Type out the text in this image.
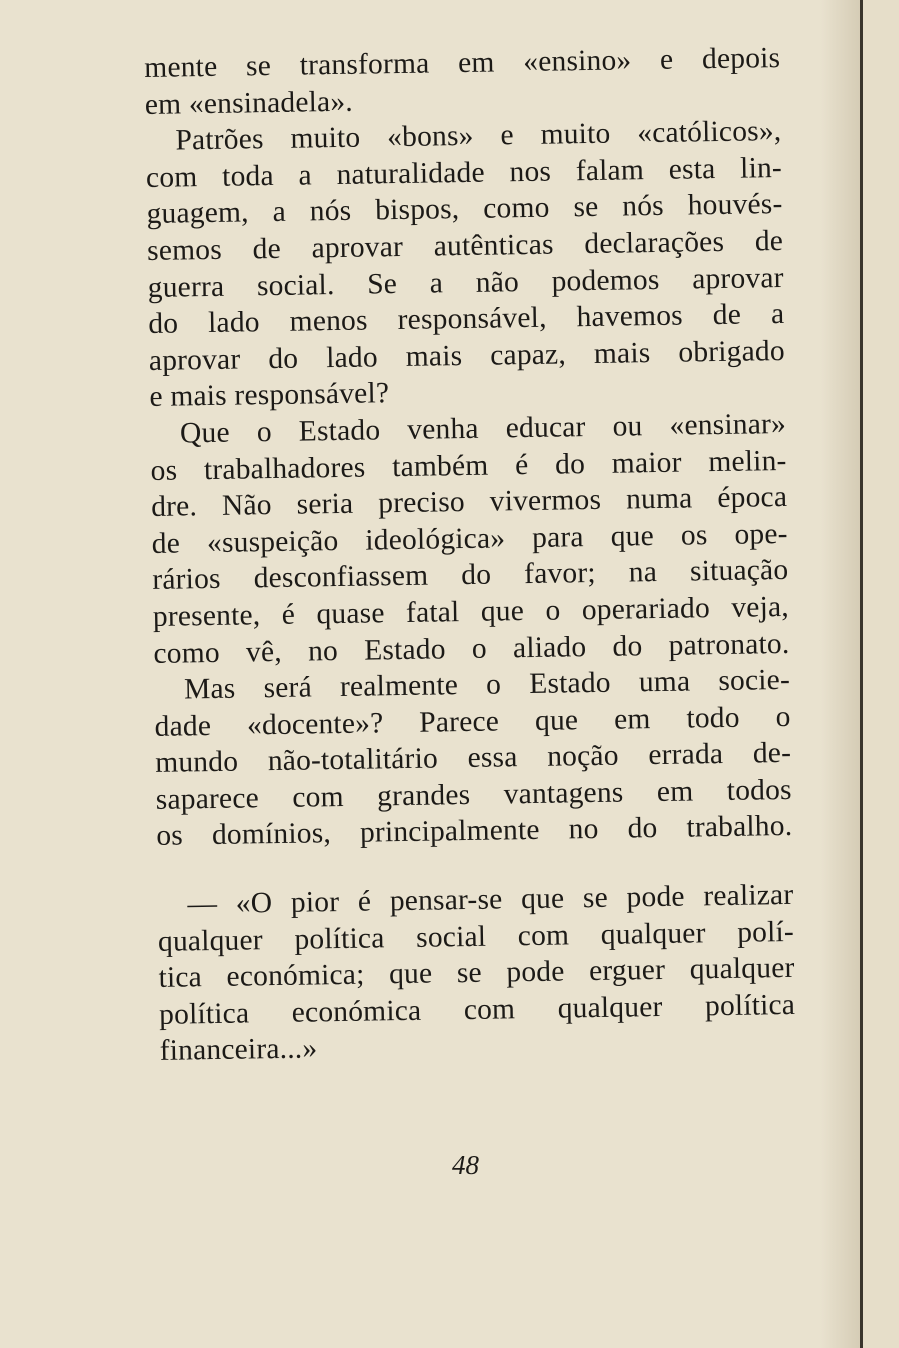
mente se transforma em «ensino» e depois
em «ensinadela».
Patrões muito «bons» e muito «católicos»,
com toda a naturalidade nos falam esta lin-
guagem, a nós bispos, como se nós houvés-
semos de aprovar autênticas declarações de
guerra social. Se a não podemos aprovar
do lado menos responsável, havemos de a
aprovar do lado mais capaz, mais obrigado
e mais responsável?
Que o Estado venha educar ou «ensinar»
os trabalhadores também é do maior melin-
dre. Não seria preciso vivermos numa época
de «suspeição ideológica» para que os ope-
rários desconfiassem do favor; na situação
presente, é quase fatal que o operariado veja,
como vê, no Estado o aliado do patronato.
Mas será realmente o Estado uma socie-
dade «docente»? Parece que em todo o
mundo não-totalitário essa noção errada de-
saparece com grandes vantagens em todos
os domínios, principalmente no do trabalho.
— «O pior é pensar-se que se pode realizar
qualquer política social com qualquer polí-
tica económica; que se pode erguer qualquer
política económica com qualquer política
financeira...»
48
